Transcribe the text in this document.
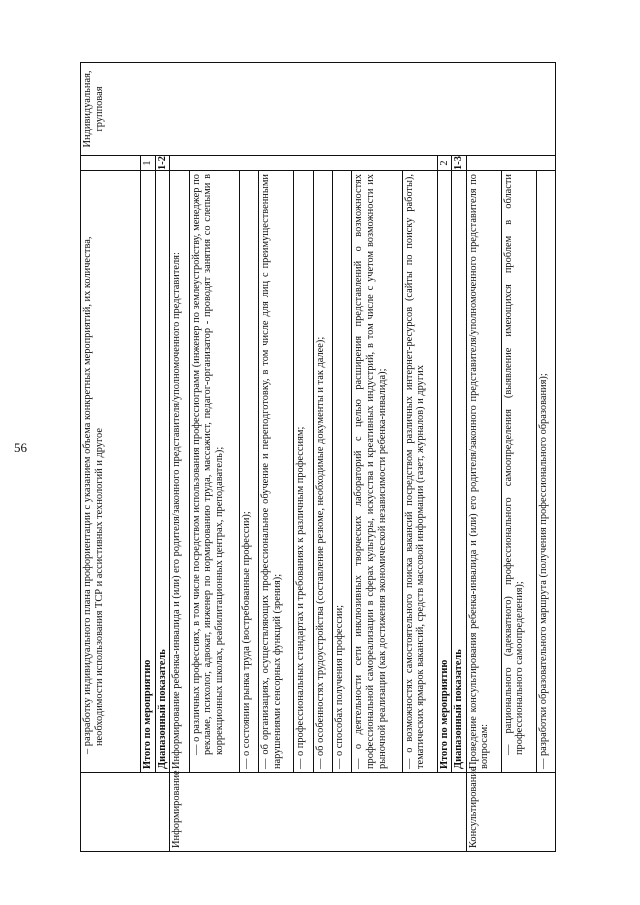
56
		– разработку индивидуального плана профориентации с указанием объема конкретных мероприятий, их количества, необходимости использования ТСР и ассистивных технологий и другое		Индивидуальная, групповая
	Итого по мероприятию	1	
	Диапазонный показатель	1-2	
Информирование	Информирование ребенка-инвалида и (или) его родителя/законного представителя/уполномоченного представителя:		

	— о различных профессиях, в том числе посредством использования профессиограмм (инженер по землеустройству, менеджер по рекламе, психолог, адвокат, инженер по нормированию труда, массажист, педагог-организатор - проводят занятия со слепыми в коррекционных школах, реабилитационных центрах, преподаватель);		

	— о состоянии рынка труда (востребованные профессии);		

	— об организациях, осуществляющих профессиональное обучение и переподготовку, в том числе для лиц с преимущественными нарушениями сенсорных функций (зрения);		

	— о профессиональных стандартах и требованиях к различным профессиям;		

	— об особенностях трудоустройства (составление резюме, необходимые документы и так далее);		

	— о способах получения профессии;		

	— о деятельности сети инклюзивных творческих лабораторий с целью расширения представлений о возможностях профессиональной самореализации в сферах культуры, искусства и креативных индустрий, в том числе с учетом возможности их рыночной реализации (как достижения экономической независимости ребенка-инвалида);		

	— о возможностях самостоятельного поиска вакансий посредством различных интернет-ресурсов (сайты по поиску работы), тематических ярмарок вакансий, средств массовой информации (газет, журналов) и других		

	Итого по мероприятию	2	
	Диапазонный показатель	1-3	
Консультирование	Проведение консультирования ребенка-инвалида и (или) его родителя/законного представителя/уполномоченного представителя по вопросам:		

	— рационального (адекватного) профессионального самоопределения (выявление имеющихся проблем в области профессионального самоопределения);		

	— разработки образовательного маршрута (получения профессионального образования);		
